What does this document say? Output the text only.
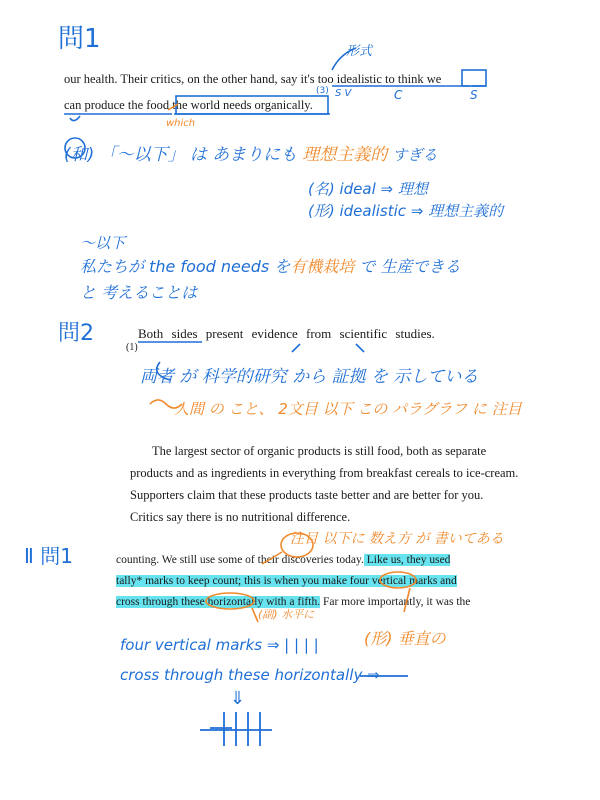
問1	形式
our health. Their critics, on the other hand, say it's too idealistic to think we
can produce the food the world needs organically.
(3) S V	C	S
which
(和) 「〜以下」 は あまりにも 理想主義的 すぎる
(名) ideal ⇒ 理想
(形) idealistic ⇒ 理想主義的
〜以下
私たちが the food needs を有機栽培 で 生産できる
と 考えることは
問2
(1)
Both sides present evidence from scientific studies.
両者 が 科学的研究 から 証拠 を 示している
人間 の こと、 2文目 以下 この パラグラフ に 注目
The largest sector of organic products is still food, both as separate
products and as ingredients in everything from breakfast cereals to ice-cream.
Supporters claim that these products taste better and are better for you.
Critics say there is no nutritional difference.
Ⅱ 問1
注目 以下に 数え方 が 書いてある
counting. We still use some of their discoveries today. Like us, they used
tally* marks to keep count; this is when you make four vertical marks and
cross through these horizontally with a fifth. Far more importantly, it was the
(副) 水平に
(形) 垂直の
four vertical marks ⇒ | | | |
cross through these horizontally ⇒
⇓
